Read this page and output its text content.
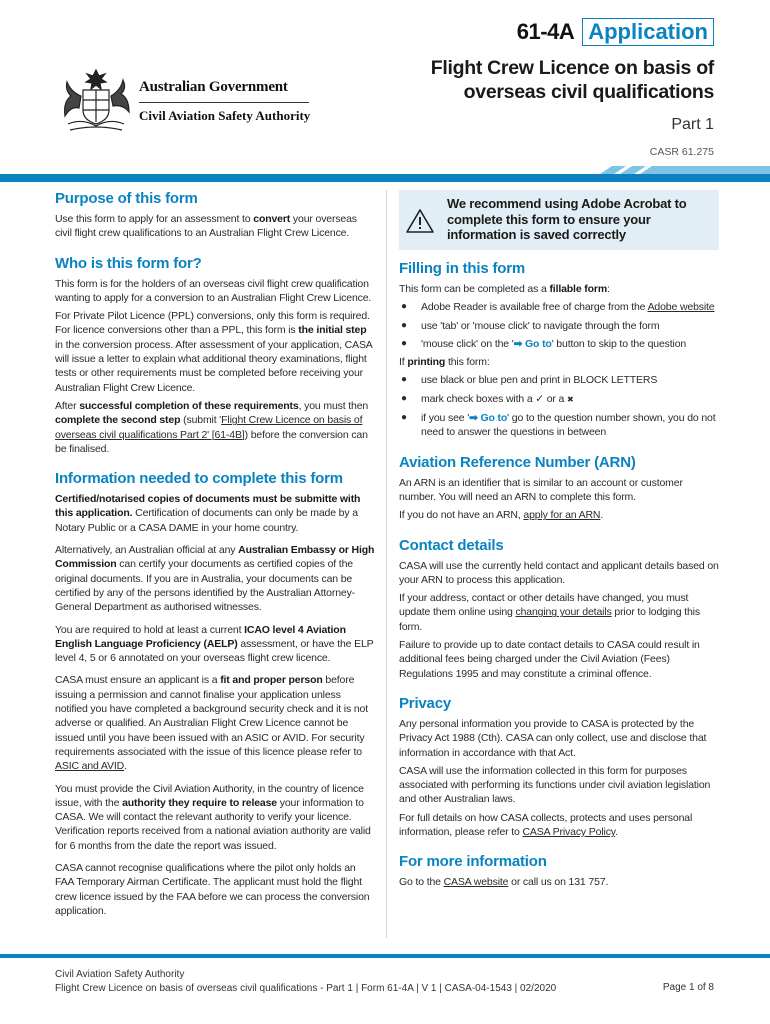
Australian Government
Civil Aviation Safety Authority
61-4A Application
Flight Crew Licence on basis of
overseas civil qualifications
Part 1
CASR 61.275
Purpose of this form

Use this form to apply for an assessment to convert your overseas civil flight crew qualifications to an Australian Flight Crew Licence.

Who is this form for?

This form is for the holders of an overseas civil flight crew qualification wanting to apply for a conversion to an Australian Flight Crew Licence.

For Private Pilot Licence (PPL) conversions, only this form is required. For licence conversions other than a PPL, this form is the initial step in the conversion process. After assessment of your application, CASA will issue a letter to explain what additional theory examinations, flight tests or other requirements must be completed before receiving your Australian Flight Crew Licence.

After successful completion of these requirements, you must then complete the second step (submit 'Flight Crew Licence on basis of overseas civil qualifications Part 2' [61-4B]) before the conversion can be finalised.

Information needed to complete this form

Certified/notarised copies of documents must be submitte with this application. Certification of documents can only be made by a Notary Public or a CASA DAME in your home country.

Alternatively, an Australian official at any Australian Embassy or High Commission can certify your documents as certified copies of the original documents. If you are in Australia, your documents can be certified by any of the persons identified by the Australian Attorney-General Department as authorised witnesses.

You are required to hold at least a current ICAO level 4 Aviation English Language Proficiency (AELP) assessment, or have the ELP level 4, 5 or 6 annotated on your overseas flight crew licence.

CASA must ensure an applicant is a fit and proper person before issuing a permission and cannot finalise your application unless notified you have completed a background security check and it is not adverse or qualified. An Australian Flight Crew Licence cannot be issued until you have been issued with an ASIC or AVID. For security requirements associated with the issue of this licence please refer to ASIC and AVID.

You must provide the Civil Aviation Authority, in the country of licence issue, with the authority they require to release your information to CASA. We will contact the relevant authority to verify your licence. Verification reports received from a national aviation authority are valid for 6 months from the date the report was issued.

CASA cannot recognise qualifications where the pilot only holds an FAA Temporary Airman Certificate. The applicant must hold the flight crew licence issued by the FAA before we can process the conversion application.

We recommend using Adobe Acrobat to complete this form to ensure your information is saved correctly
Filling in this form

This form can be completed as a fillable form:

● Adobe Reader is available free of charge from the Adobe website
● use 'tab' or 'mouse click' to navigate through the form
● 'mouse click' on the '➡ Go to' button to skip to the question

If printing this form:

● use black or blue pen and print in BLOCK LETTERS
● mark check boxes with a ✓ or a ✖
● if you see '➡ Go to' go to the question number shown, you do not need to answer the questions in between
Aviation Reference Number (ARN)

An ARN is an identifier that is similar to an account or customer number. You will need an ARN to complete this form.

If you do not have an ARN, apply for an ARN.

Contact details

CASA will use the currently held contact and applicant details based on your ARN to process this application.

If your address, contact or other details have changed, you must update them online using changing your details prior to lodging this form.

Failure to provide up to date contact details to CASA could result in additional fees being charged under the Civil Aviation (Fees) Regulations 1995 and may constitute a criminal offence.

Privacy

Any personal information you provide to CASA is protected by the Privacy Act 1988 (Cth). CASA can only collect, use and disclose that information in accordance with that Act.

CASA will use the information collected in this form for purposes associated with performing its functions under civil aviation legislation and other Australian laws.

For full details on how CASA collects, protects and uses personal information, please refer to CASA Privacy Policy.

For more information

Go to the CASA website or call us on 131 757.

Civil Aviation Safety Authority
Flight Crew Licence on basis of overseas civil qualifications - Part 1 | Form 61-4A | V 1 | CASA-04-1543 | 02/2020	Page 1 of 8
